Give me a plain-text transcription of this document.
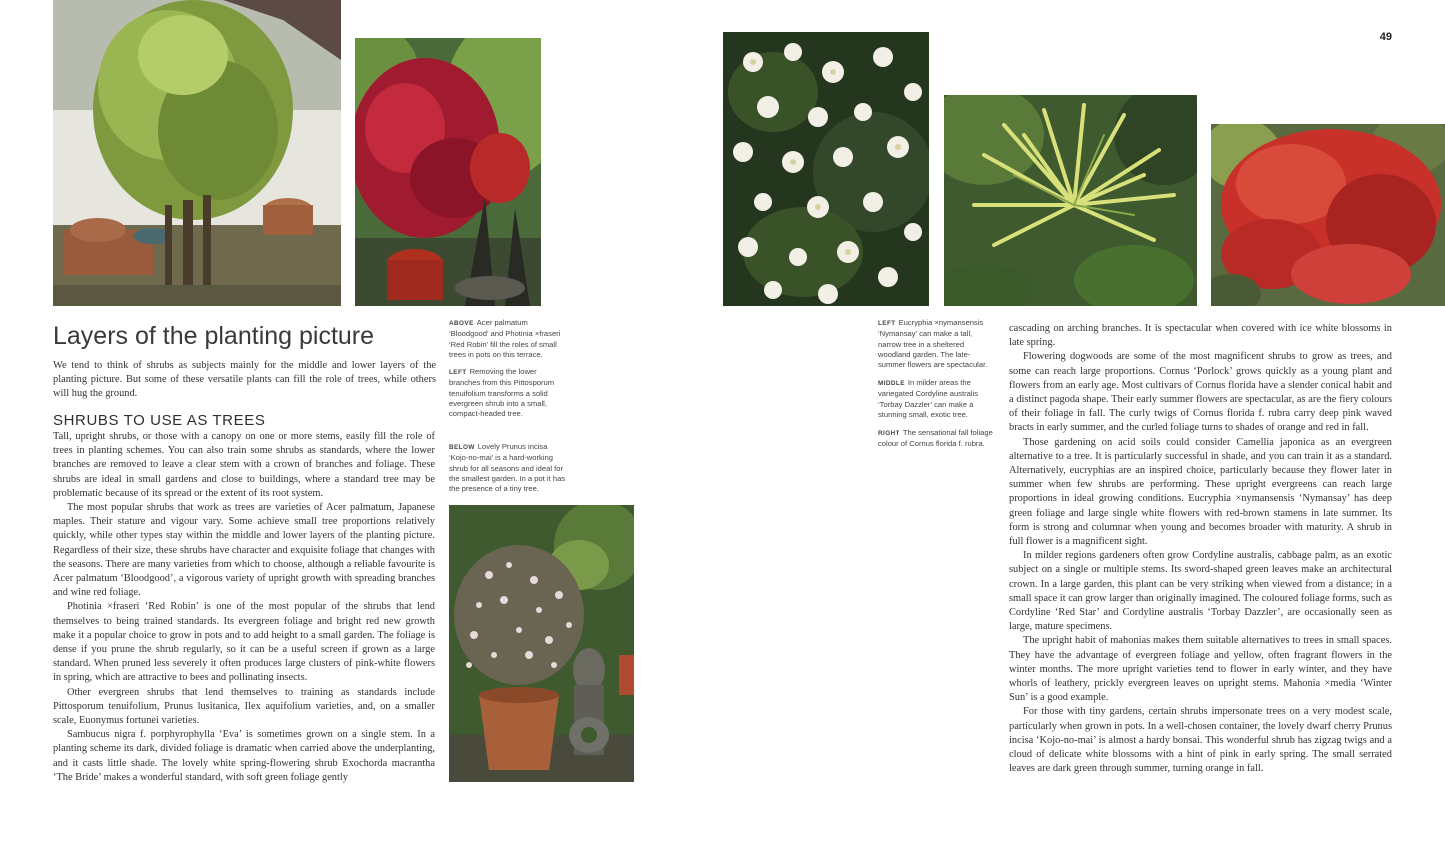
49
Layers of the planting picture

We tend to think of shrubs as subjects mainly for the middle and lower layers of the planting picture. But some of these versatile plants can fill the role of trees, while others will hug the ground.

SHRUBS TO USE AS TREES

Tall, upright shrubs, or those with a canopy on one or more stems, easily fill the role of trees in planting schemes. You can also train some shrubs as standards, where the lower branches are removed to leave a clear stem with a crown of branches and foliage. These shrubs are ideal in small gardens and close to buildings, where a standard tree may be problematic because of its spread or the extent of its root system.

The most popular shrubs that work as trees are varieties of Acer palmatum, Japanese maples. Their stature and vigour vary. Some achieve small tree proportions relatively quickly, while other types stay within the middle and lower layers of the planting picture. Regardless of their size, these shrubs have character and exquisite foliage that changes with the seasons. There are many varieties from which to choose, although a reliable favourite is Acer palmatum ‘Bloodgood’, a vigorous variety of upright growth with spreading branches and wine red foliage.

Photinia ×fraseri ‘Red Robin’ is one of the most popular of the shrubs that lend themselves to being trained standards. Its evergreen foliage and bright red new growth make it a popular choice to grow in pots and to add height to a small garden. The foliage is dense if you prune the shrub regularly, so it can be a useful screen if grown as a large standard. When pruned less severely it often produces large clusters of pink-white flowers in spring, which are attractive to bees and pollinating insects.

Other evergreen shrubs that lend themselves to training as standards include Pittosporum tenuifolium, Prunus lusitanica, Ilex aquifolium varieties, and, on a smaller scale, Euonymus fortunei varieties.

Sambucus nigra f. porphyrophylla ‘Eva’ is sometimes grown on a single stem. In a planting scheme its dark, divided foliage is dramatic when carried above the underplanting, and it casts little shade. The lovely white spring-flowering shrub Exochorda macrantha ‘The Bride’ makes a wonderful standard, with soft green foliage gently

ABOVE Acer palmatum ‘Bloodgood’ and Photinia ×fraseri ‘Red Robin’ fill the roles of small trees in pots on this terrace.

LEFT Removing the lower branches from this Pittosporum tenuifolium transforms a solid evergreen shrub into a small, compact-headed tree.

BELOW Lovely Prunus incisa ‘Kojo-no-mai’ is a hard-working shrub for all seasons and ideal for the smallest garden. In a pot it has the presence of a tiny tree.

LEFT Eucryphia ×nymansensis ‘Nymansay’ can make a tall, narrow tree in a sheltered woodland garden. The late-summer flowers are spectacular.

MIDDLE In milder areas the variegated Cordyline australis ‘Torbay Dazzler’ can make a stunning small, exotic tree.

RIGHT The sensational fall foliage colour of Cornus florida f. rubra.

cascading on arching branches. It is spectacular when covered with ice white blossoms in late spring.

Flowering dogwoods are some of the most magnificent shrubs to grow as trees, and some can reach large proportions. Cornus ‘Porlock’ grows quickly as a young plant and flowers from an early age. Most cultivars of Cornus florida have a slender conical habit and a distinct pagoda shape. Their early summer flowers are spectacular, as are the fiery colours of their foliage in fall. The curly twigs of Cornus florida f. rubra carry deep pink waved bracts in early summer, and the curled foliage turns to shades of orange and red in fall.

Those gardening on acid soils could consider Camellia japonica as an evergreen alternative to a tree. It is particularly successful in shade, and you can train it as a standard. Alternatively, eucryphias are an inspired choice, particularly because they flower later in summer when few shrubs are performing. These upright evergreens can reach large proportions in ideal growing conditions. Eucryphia ×nymansensis ‘Nymansay’ has deep green foliage and large single white flowers with red-brown stamens in late summer. Its form is strong and columnar when young and becomes broader with maturity. A shrub in full flower is a magnificent sight.

In milder regions gardeners often grow Cordyline australis, cabbage palm, as an exotic subject on a single or multiple stems. Its sword-shaped green leaves make an architectural crown. In a large garden, this plant can be very striking when viewed from a distance; in a small space it can grow larger than originally imagined. The coloured foliage forms, such as Cordyline ‘Red Star’ and Cordyline australis ‘Torbay Dazzler’, are occasionally seen as large, mature specimens.

The upright habit of mahonias makes them suitable alternatives to trees in small spaces. They have the advantage of evergreen foliage and yellow, often fragrant flowers in the winter months. The more upright varieties tend to flower in early winter, and they have whorls of leathery, prickly evergreen leaves on upright stems. Mahonia ×media ‘Winter Sun’ is a good example.

For those with tiny gardens, certain shrubs impersonate trees on a very modest scale, particularly when grown in pots. In a well-chosen container, the lovely dwarf cherry Prunus incisa ‘Kojo-no-mai’ is almost a hardy bonsai. This wonderful shrub has zigzag twigs and a cloud of delicate white blossoms with a hint of pink in early spring. The small serrated leaves are dark green through summer, turning orange in fall.
